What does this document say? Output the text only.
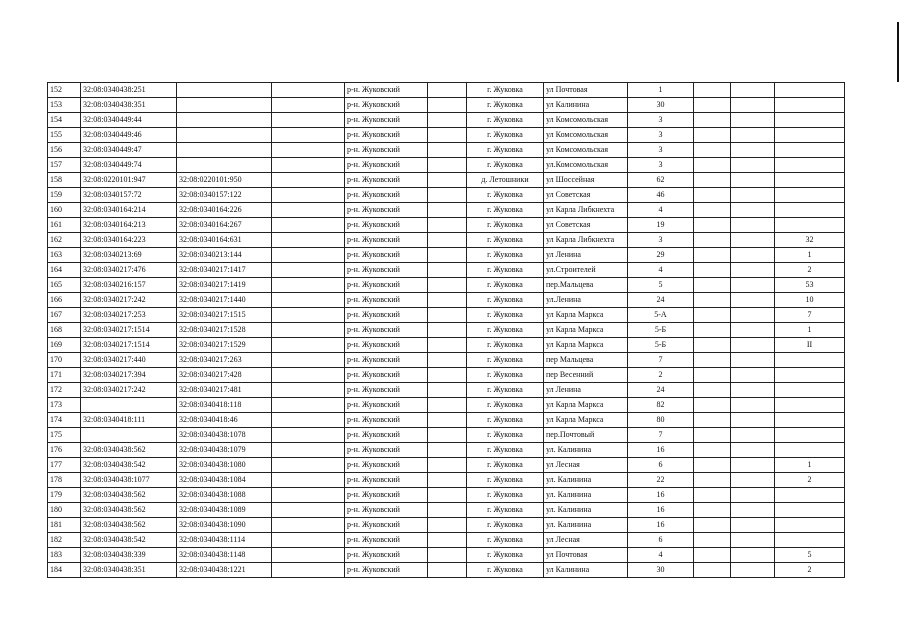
152	32:08:0340438:251			р-н. Жуковский		г. Жуковка	ул Почтовая	1			
153	32:08:0340438:351			р-н. Жуковский		г. Жуковка	ул Калинина	30			
154	32:08:0340449:44			р-н. Жуковский		г. Жуковка	ул Комсомольская	3			
155	32:08:0340449:46			р-н. Жуковский		г. Жуковка	ул Комсомольская	3			
156	32:08:0340449:47			р-н. Жуковский		г. Жуковка	ул Комсомольская	3			
157	32:08:0340449:74			р-н. Жуковский		г. Жуковка	ул.Комсомольская	3			
158	32:08:0220101:947	32:08:0220101:950		р-н. Жуковский		д. Летошники	ул Шоссейная	62			
159	32:08:0340157:72	32:08:0340157:122		р-н. Жуковский		г. Жуковка	ул Советская	46			
160	32:08:0340164:214	32:08:0340164:226		р-н. Жуковский		г. Жуковка	ул Карла Либкнехта	4			
161	32:08:0340164:213	32:08:0340164:267		р-н. Жуковский		г. Жуковка	ул Советская	19			
162	32:08:0340164:223	32:08:0340164:631		р-н. Жуковский		г. Жуковка	ул Карла Либкнехта	3			32
163	32:08:0340213:69	32:08:0340213:144		р-н. Жуковский		г. Жуковка	ул Ленина	29			1
164	32:08:0340217:476	32:08:0340217:1417		р-н. Жуковский		г. Жуковка	ул.Строителей	4			2
165	32:08:0340216:157	32:08:0340217:1419		р-н. Жуковский		г. Жуковка	пер.Мальцева	5			53
166	32:08:0340217:242	32:08:0340217:1440		р-н. Жуковский		г. Жуковка	ул.Ленина	24			10
167	32:08:0340217:253	32:08:0340217:1515		р-н. Жуковский		г. Жуковка	ул Карла Маркса	5-А			7
168	32:08:0340217:1514	32:08:0340217:1528		р-н. Жуковский		г. Жуковка	ул Карла Маркса	5-Б			1
169	32:08:0340217:1514	32:08:0340217:1529		р-н. Жуковский		г. Жуковка	ул Карла Маркса	5-Б			II
170	32:08:0340217:440	32:08:0340217:263		р-н. Жуковский		г. Жуковка	пер Мальцева	7			
171	32:08:0340217:394	32:08:0340217:428		р-н. Жуковский		г. Жуковка	пер Весенний	2			
172	32:08:0340217:242	32:08:0340217:481		р-н. Жуковский		г. Жуковка	ул Ленина	24			
173		32:08:0340418:118		р-н. Жуковский		г. Жуковка	ул Карла Маркса	82			
174	32:08:0340418:111	32:08:0340418:46		р-н. Жуковский		г. Жуковка	ул Карла Маркса	80			
175		32:08:0340438:1078		р-н. Жуковский		г. Жуковка	пер.Почтовый	7			
176	32:08:0340438:562	32:08:0340438:1079		р-н. Жуковский		г. Жуковка	ул. Калинина	16			
177	32:08:0340438:542	32:08:0340438:1080		р-н. Жуковский		г. Жуковка	ул Лесная	6			1
178	32:08:0340438:1077	32:08:0340438:1084		р-н. Жуковский		г. Жуковка	ул. Калинина	22			2
179	32:08:0340438:562	32:08:0340438:1088		р-н. Жуковский		г. Жуковка	ул. Калинина	16			
180	32:08:0340438:562	32:08:0340438:1089		р-н. Жуковский		г. Жуковка	ул. Калинина	16			
181	32:08:0340438:562	32:08:0340438:1090		р-н. Жуковский		г. Жуковка	ул. Калинина	16			
182	32:08:0340438:542	32:08:0340438:1114		р-н. Жуковский		г. Жуковка	ул Лесная	6			
183	32:08:0340438:339	32:08:0340438:1148		р-н. Жуковский		г. Жуковка	ул Почтовая	4			5
184	32:08:0340438:351	32:08:0340438:1221		р-н. Жуковский		г. Жуковка	ул Калинина	30			2
